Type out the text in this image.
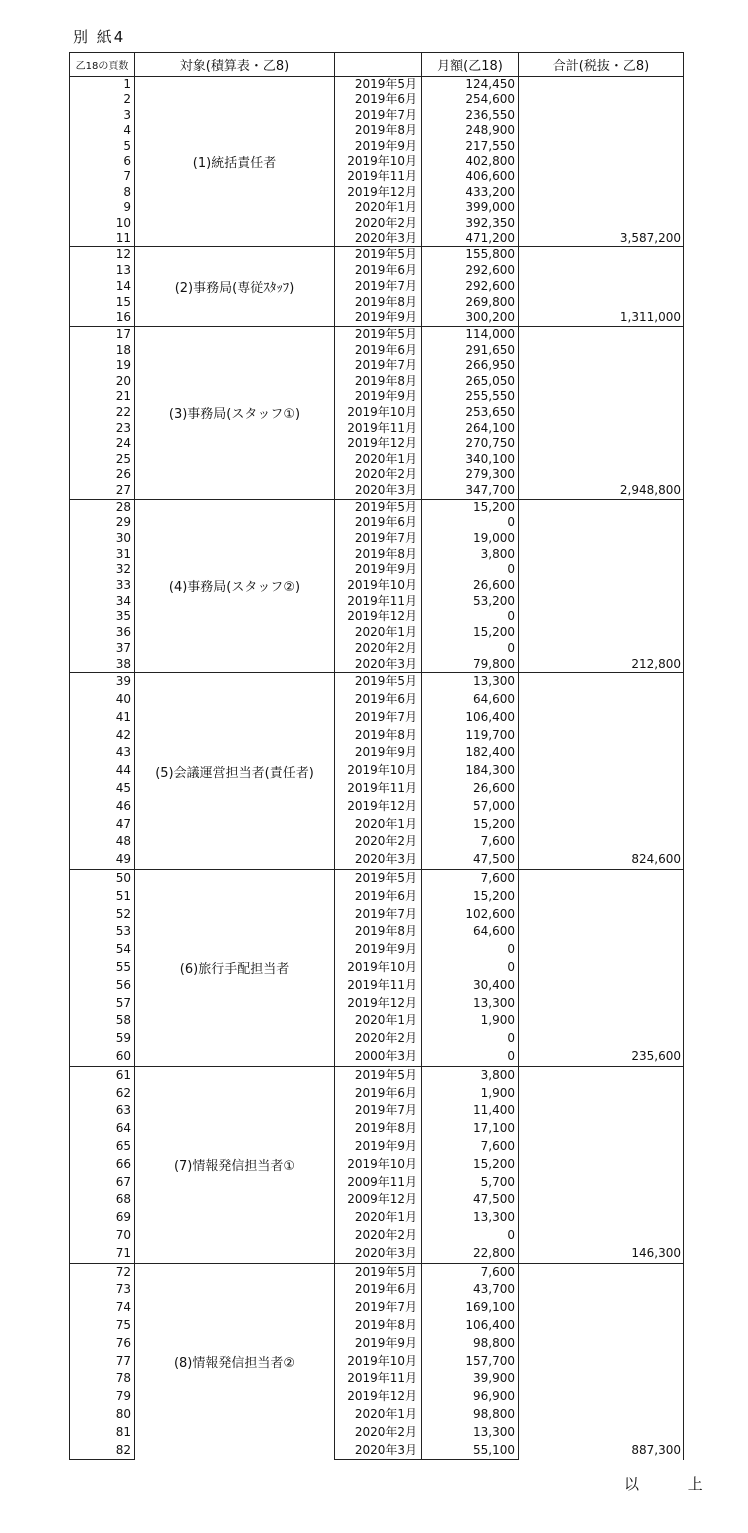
別 紙4
乙18の頁数	対象(積算表・乙8)		月額(乙18)	合計(税抜・乙8)
1	(1)統括責任者	2019年5月	124,450	3,587,200
2		2019年6月	254,600	
3		2019年7月	236,550	
4		2019年8月	248,900	
5		2019年9月	217,550	
6		2019年10月	402,800	
7		2019年11月	406,600	
8		2019年12月	433,200	
9		2020年1月	399,000	
10		2020年2月	392,350	
11		2020年3月	471,200	
12	(2)事務局(専従ｽﾀｯﾌ)	2019年5月	155,800	1,311,000
13		2019年6月	292,600	
14		2019年7月	292,600	
15		2019年8月	269,800	
16		2019年9月	300,200	
17	(3)事務局(スタッフ①)	2019年5月	114,000	2,948,800
18		2019年6月	291,650	
19		2019年7月	266,950	
20		2019年8月	265,050	
21		2019年9月	255,550	
22		2019年10月	253,650	
23		2019年11月	264,100	
24		2019年12月	270,750	
25		2020年1月	340,100	
26		2020年2月	279,300	
27		2020年3月	347,700	
28	(4)事務局(スタッフ②)	2019年5月	15,200	212,800
29		2019年6月	0	
30		2019年7月	19,000	
31		2019年8月	3,800	
32		2019年9月	0	
33		2019年10月	26,600	
34		2019年11月	53,200	
35		2019年12月	0	
36		2020年1月	15,200	
37		2020年2月	0	
38		2020年3月	79,800	
39	(5)会議運営担当者(責任者)	2019年5月	13,300	824,600
40		2019年6月	64,600	
41		2019年7月	106,400	
42		2019年8月	119,700	
43		2019年9月	182,400	
44		2019年10月	184,300	
45		2019年11月	26,600	
46		2019年12月	57,000	
47		2020年1月	15,200	
48		2020年2月	7,600	
49		2020年3月	47,500	
50	(6)旅行手配担当者	2019年5月	7,600	235,600
51		2019年6月	15,200	
52		2019年7月	102,600	
53		2019年8月	64,600	
54		2019年9月	0	
55		2019年10月	0	
56		2019年11月	30,400	
57		2019年12月	13,300	
58		2020年1月	1,900	
59		2020年2月	0	
60		2000年3月	0	
61	(7)情報発信担当者①	2019年5月	3,800	146,300
62		2019年6月	1,900	
63		2019年7月	11,400	
64		2019年8月	17,100	
65		2019年9月	7,600	
66		2019年10月	15,200	
67		2009年11月	5,700	
68		2009年12月	47,500	
69		2020年1月	13,300	
70		2020年2月	0	
71		2020年3月	22,800	
72	(8)情報発信担当者②	2019年5月	7,600	887,300
73		2019年6月	43,700	
74		2019年7月	169,100	
75		2019年8月	106,400	
76		2019年9月	98,800	
77		2019年10月	157,700	
78		2019年11月	39,900	
79		2019年12月	96,900	
80		2020年1月	98,800	
81		2020年2月	13,300	
82		2020年3月	55,100	
以 上
